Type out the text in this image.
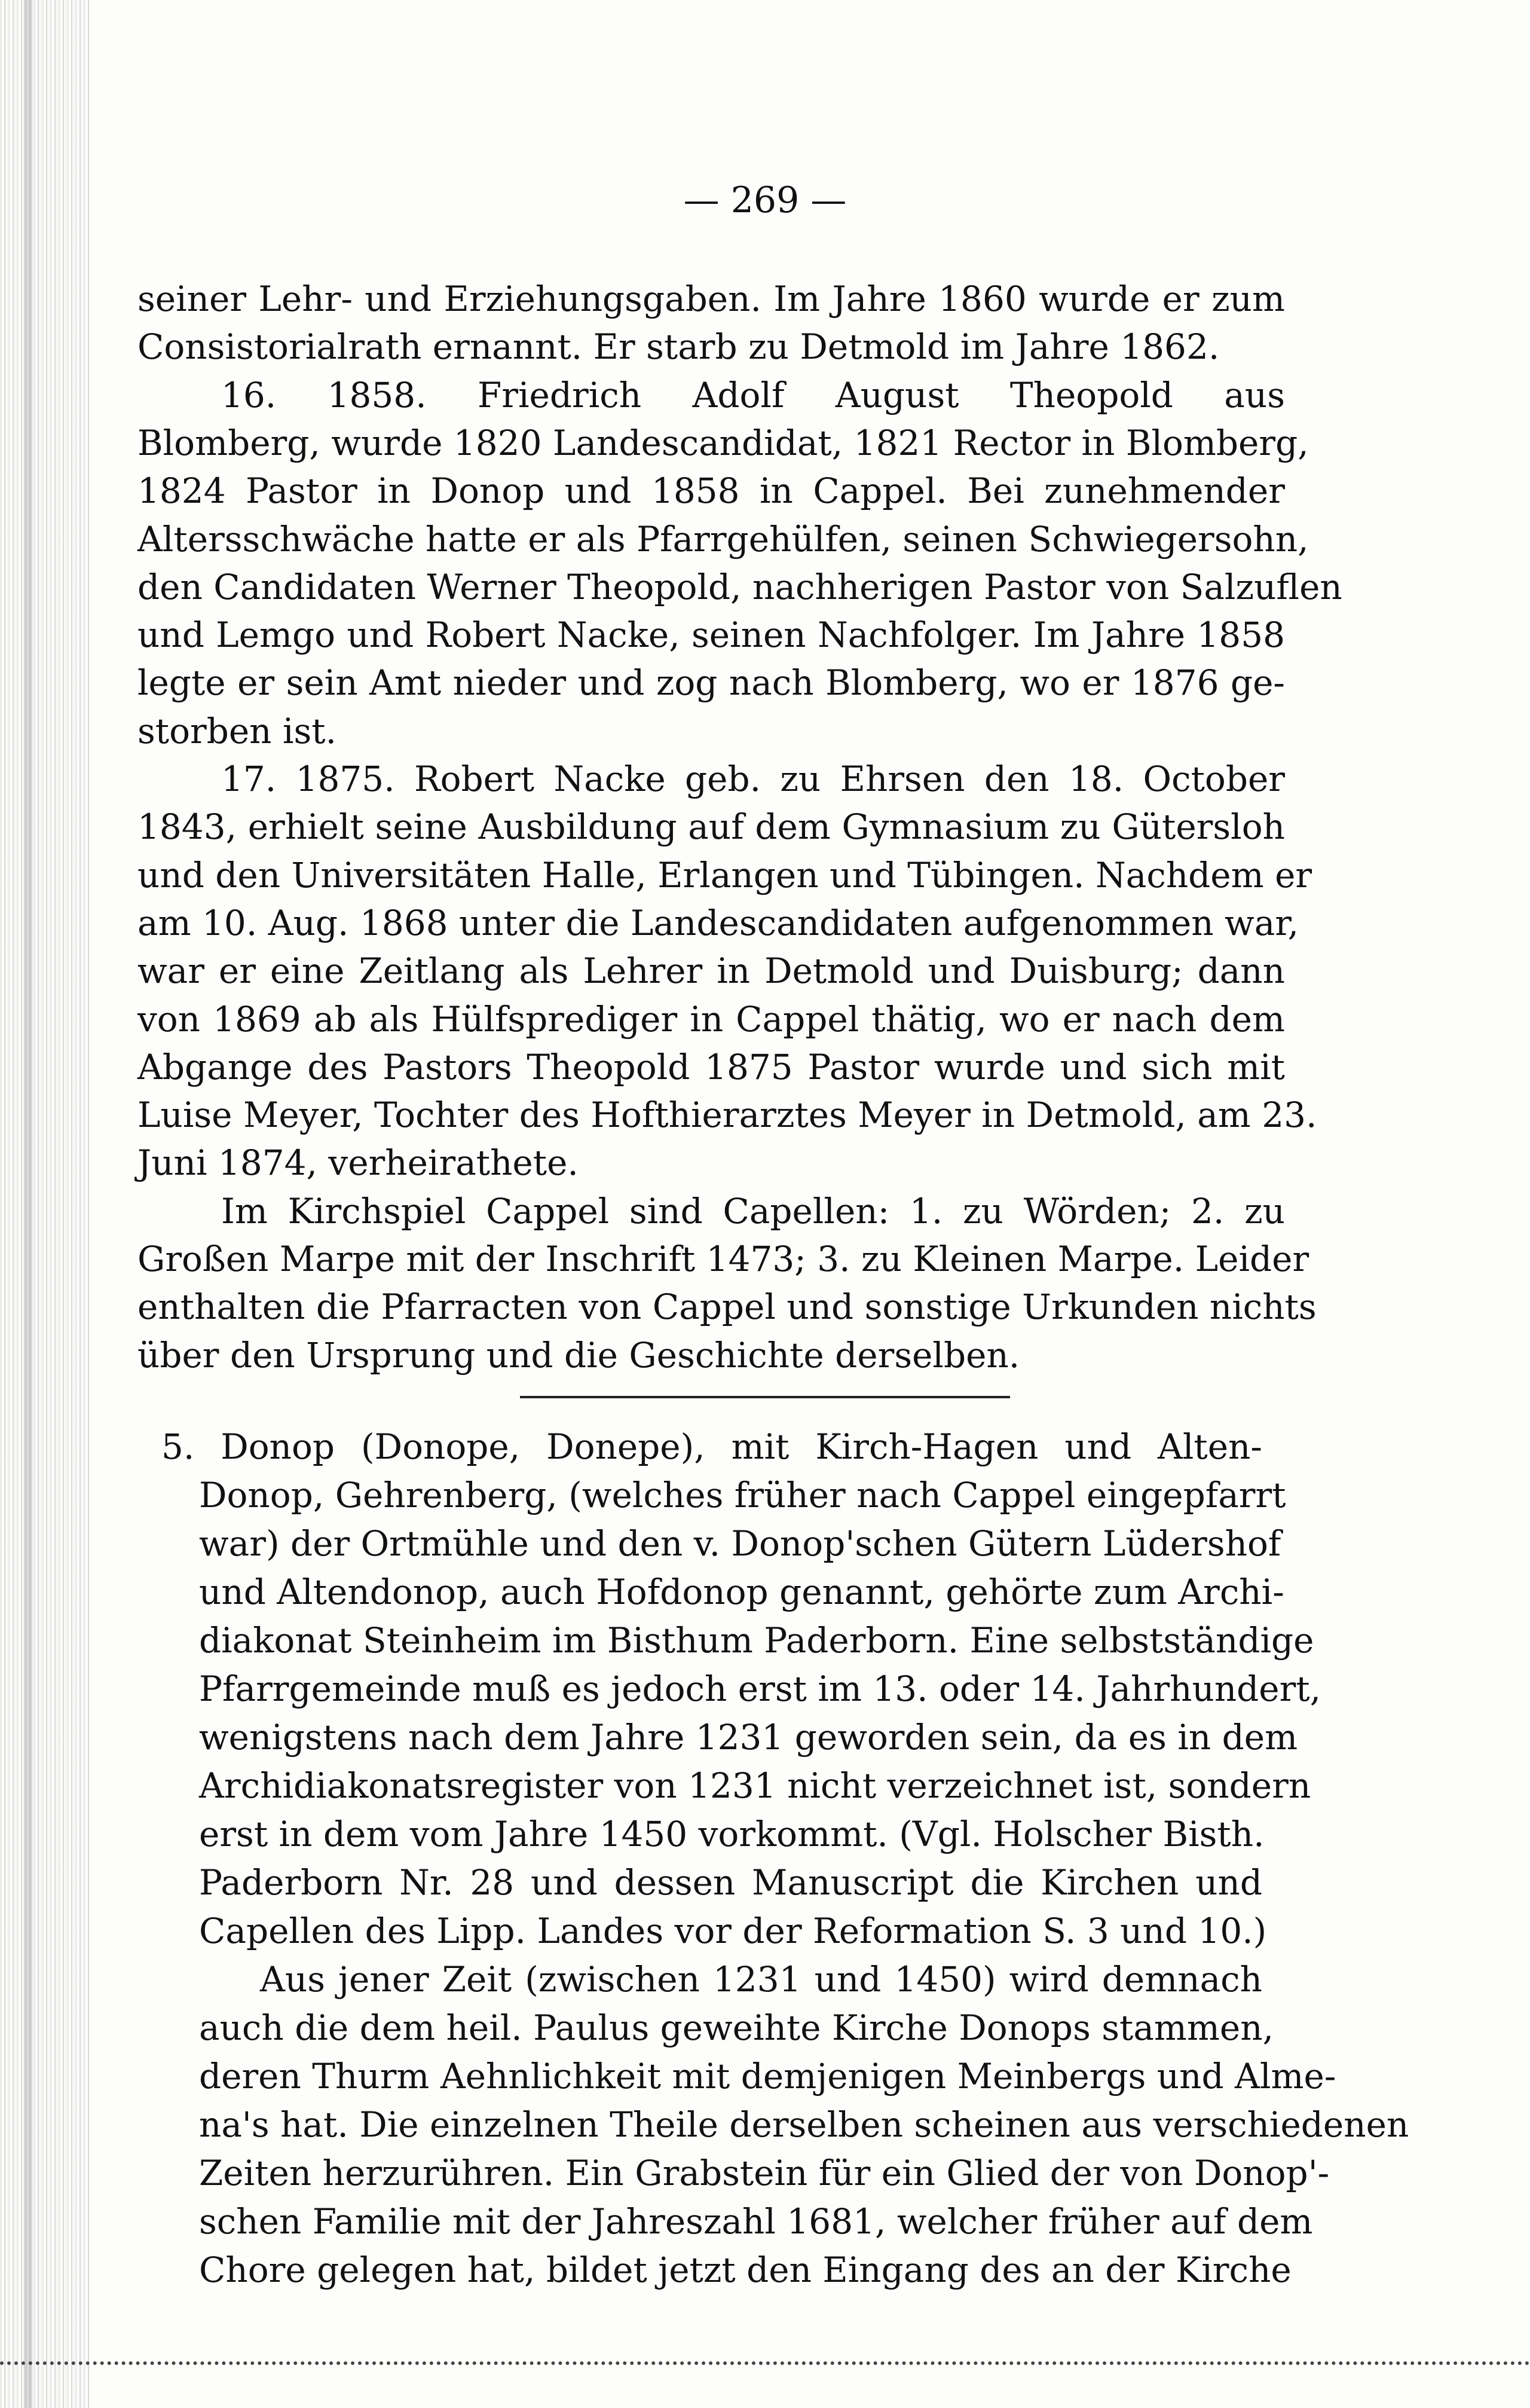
— 269 —
seiner Lehr- und Erziehungsgaben. Im Jahre 1860 wurde er zum
Consistorialrath ernannt. Er starb zu Detmold im Jahre 1862.
16. 1858. Friedrich Adolf August Theopold aus
Blomberg, wurde 1820 Landescandidat, 1821 Rector in Blomberg,
1824 Pastor in Donop und 1858 in Cappel. Bei zunehmender
Altersschwäche hatte er als Pfarrgehülfen, seinen Schwiegersohn,
den Candidaten Werner Theopold, nachherigen Pastor von Salzuflen
und Lemgo und Robert Nacke, seinen Nachfolger. Im Jahre 1858
legte er sein Amt nieder und zog nach Blomberg, wo er 1876 ge-
storben ist.
17. 1875. Robert Nacke geb. zu Ehrsen den 18. October
1843, erhielt seine Ausbildung auf dem Gymnasium zu Gütersloh
und den Universitäten Halle, Erlangen und Tübingen. Nachdem er
am 10. Aug. 1868 unter die Landescandidaten aufgenommen war,
war er eine Zeitlang als Lehrer in Detmold und Duisburg; dann
von 1869 ab als Hülfsprediger in Cappel thätig, wo er nach dem
Abgange des Pastors Theopold 1875 Pastor wurde und sich mit
Luise Meyer, Tochter des Hofthierarztes Meyer in Detmold, am 23.
Juni 1874, verheirathete.
Im Kirchspiel Cappel sind Capellen: 1. zu Wörden; 2. zu
Großen Marpe mit der Inschrift 1473; 3. zu Kleinen Marpe. Leider
enthalten die Pfarracten von Cappel und sonstige Urkunden nichts
über den Ursprung und die Geschichte derselben.
5. Donop (Donope, Donepe), mit Kirch-Hagen und Alten-
Donop, Gehrenberg, (welches früher nach Cappel eingepfarrt
war) der Ortmühle und den v. Donop'schen Gütern Lüdershof
und Altendonop, auch Hofdonop genannt, gehörte zum Archi-
diakonat Steinheim im Bisthum Paderborn. Eine selbstständige
Pfarrgemeinde muß es jedoch erst im 13. oder 14. Jahrhundert,
wenigstens nach dem Jahre 1231 geworden sein, da es in dem
Archidiakonatsregister von 1231 nicht verzeichnet ist, sondern
erst in dem vom Jahre 1450 vorkommt. (Vgl. Holscher Bisth.
Paderborn Nr. 28 und dessen Manuscript die Kirchen und
Capellen des Lipp. Landes vor der Reformation S. 3 und 10.)
Aus jener Zeit (zwischen 1231 und 1450) wird demnach
auch die dem heil. Paulus geweihte Kirche Donops stammen,
deren Thurm Aehnlichkeit mit demjenigen Meinbergs und Alme-
na's hat. Die einzelnen Theile derselben scheinen aus verschiedenen
Zeiten herzurühren. Ein Grabstein für ein Glied der von Donop'-
schen Familie mit der Jahreszahl 1681, welcher früher auf dem
Chore gelegen hat, bildet jetzt den Eingang des an der Kirche
